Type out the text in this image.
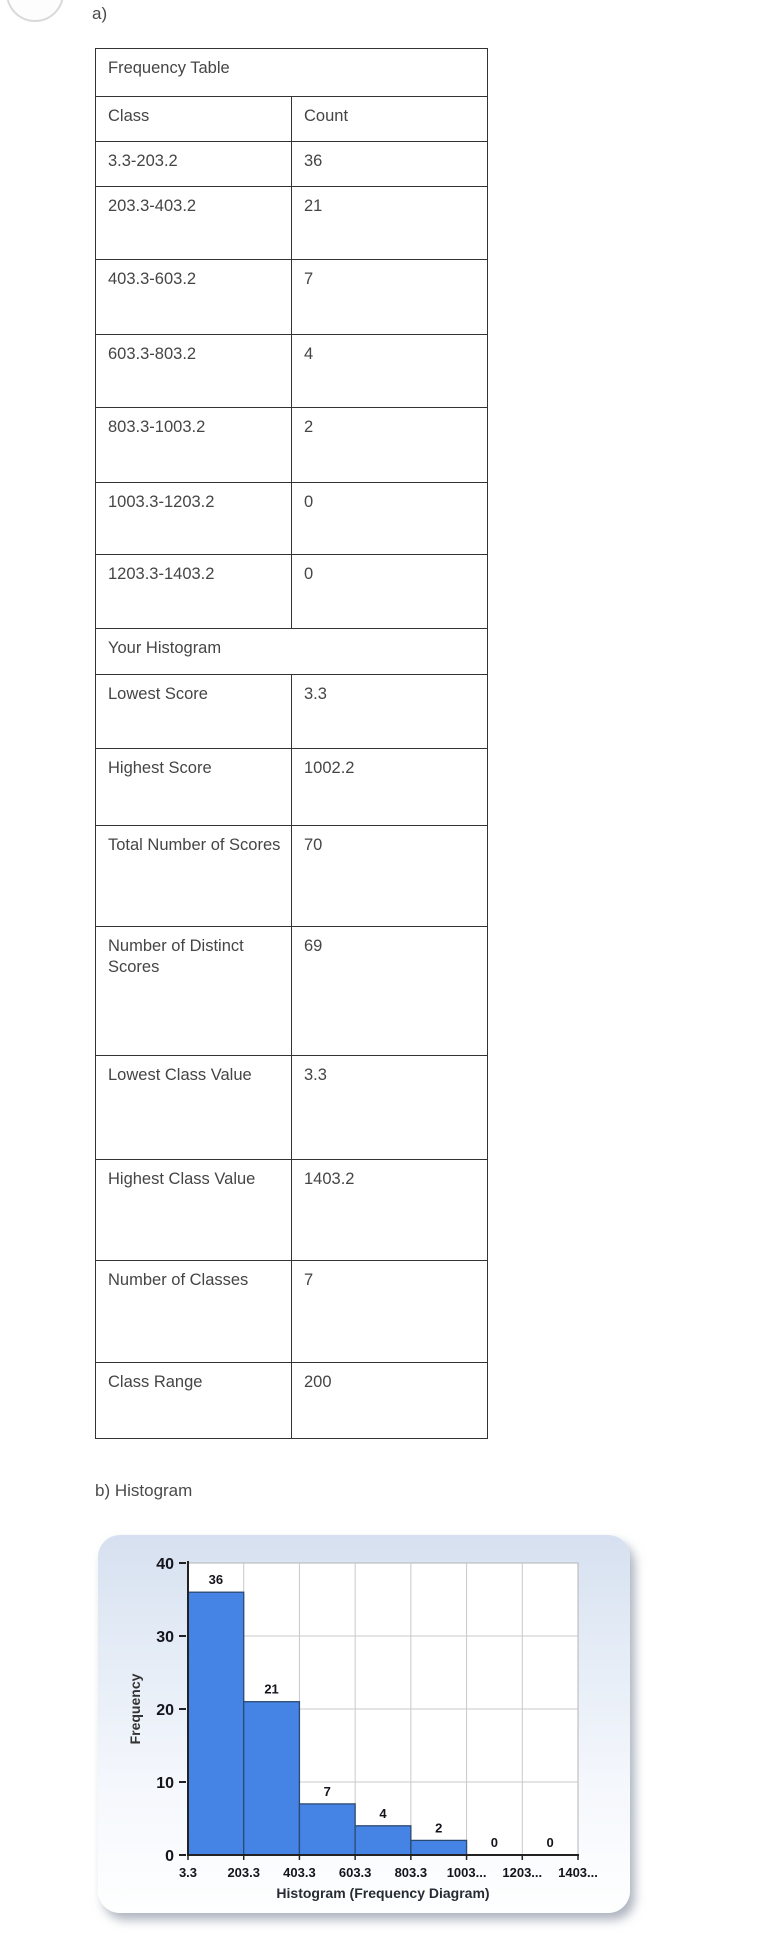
a)
Frequency Table	
Class	Count
3.3-203.2	36
203.3-403.2	21
403.3-603.2	7
603.3-803.2	4
803.3-1003.2	2
1003.3-1203.2	0
1203.3-1403.2	0
Your Histogram	
Lowest Score	3.3
Highest Score	1002.2
Total Number of Scores	70
Number of Distinct Scores	69
Lowest Class Value	3.3
Highest Class Value	1403.2
Number of Classes	7
Class Range	200
b) Histogram
0
10
20
30
40
3.3 203.3 403.3 603.3 803.3 1003... 1203... 1403...
36
21
7
4
2
0	0
Frequency
Histogram (Frequency Diagram)
